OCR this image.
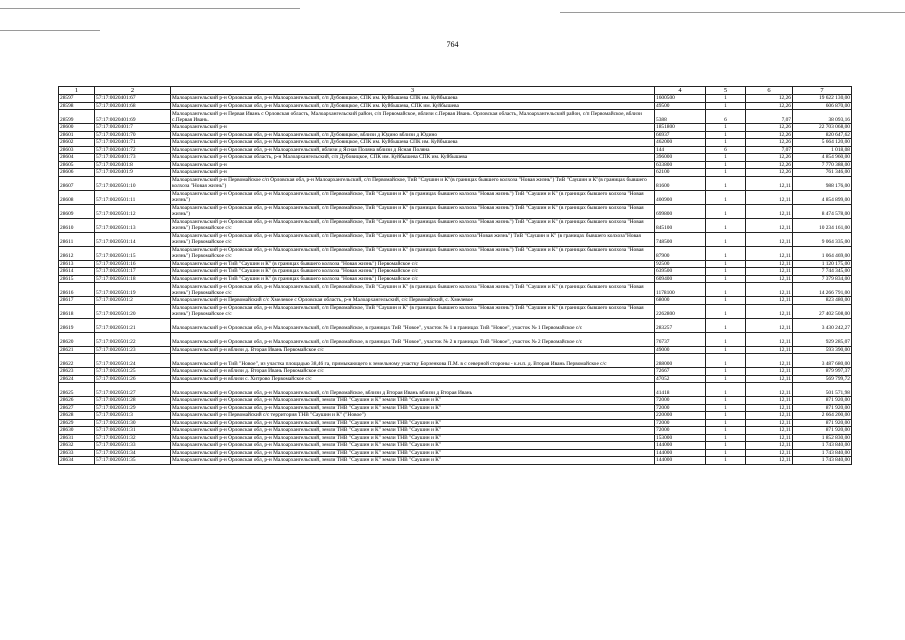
764
1	2	3	4	5	6	7
28597	57:17:0020401:67	Малоархангельский р-н Орловская обл, р-н Малоархангельский, с/п Дубовицкое, СПК им. Куйбышева СПК им. Куйбышева	1600500	1	12,26	19 622 130,00
28598	57:17:0020401:68	Малоархангельский р-н Орловская обл, р-н Малоархангельский, с/п Дубовицкое, СПК им. Куйбышева, СПК им. Куйбышева	49500	1	12,26	606 870,00
28599	57:17:0020401:69	Малоархангельский р-н Первая Ивань с Орловская область, Малоархангельский район, с/п Первомайское, вблизи с.Первая Ивань. Орловская область, Малоархангельский район, с/п Первомайское, вблизи с.Первая Ивань.	5388	6	7,07	38 093,16
28600	57:17:0020401:7	Малоархангельский р-н	1851800	1	12,26	22 703 068,00
28601	57:17:0020401:70	Малоархангельский р-н Орловская обл, р-н Малоархангельский, с/п Дубовицкое, вблизи д Юдино вблизи д Юдино	66937	1	12,26	820 647,62
28602	57:17:0020401:71	Малоархангельский р-н Орловская обл, р-н Малоархангельский, с/п Дубовицкое, СПК им. Куйбышева СПК им. Куйбышева	462000	1	12,26	5 664 120,00
28603	57:17:0020401:72	Малоархангельский р-н Орловская обл, р-н Малоархангельский, вблизи д Ясная Поляна вблизи д Ясная Поляна	144	6	7,07	1 018,08
28604	57:17:0020401:73	Малоархангельский р-н Орловская область, р-н Малоархангельский, с/п Дубовицкое, СПК им. Куйбышева СПК им. Куйбышева	396000	1	12,26	4 854 960,00
28605	57:17:0020401:8	Малоархангельский р-н	633800	1	12,26	7 770 388,00
28606	57:17:0020401:9	Малоархангельский р-н	62100	1	12,26	761 346,00
28607	57:17:0020501:10	Малоархангельский р-н Первомайское с/п Орловская обл, р-н Малоархангельский, с/п Первомайское, ТиВ "Саушин и К"(в границах бывшего колхоза "Новая жизнь") ТиВ "Саушин и К"(в границах бывшего колхоза "Новая жизнь")	81600	1	12,11	988 176,00
28608	57:17:0020501:11	Малоархангельский р-н Орловская обл, р-н Малоархангельский, с/п Первомайское, ТиВ "Саушин и К" (в границах бывшего колхоза "Новая жизнь") ТиВ "Саушин и К" (в границах бывшего колхоза "Новая жизнь")	400900	1	12,11	4 854 899,00
28609	57:17:0020501:12	Малоархангельский р-н Орловская обл, р-н Малоархангельский, с/п Первомайское, ТиВ "Саушин и К" (в границах бывшего колхоза "Новая жизнь") ТиВ "Саушин и К" (в границах бывшего колхоза "Новая жизнь")	699800	1	12,11	8 474 578,00
28610	57:17:0020501:13	Малоархангельский р-н Орловская обл, р-н Малоархангельский, с/п Первомайское, ТиВ "Саушин и К" (в границах бывшего колхоза "Новая жизнь") ТиВ "Саушин и К" (в границах бывшего колхоза "Новая жизнь") Первомайское с/с	845100	1	12,11	10 234 161,00
28611	57:17:0020501:14	Малоархангельский р-н Орловская обл, р-н Малоархангельский, с/п Первомайское, ТиВ "Саушин и К" (в границах бывшего колхоза"Новая жизнь") ТиВ "Саушин и К" (в границах бывшего колхоза"Новая жизнь") Первомайское с/с	748500	1	12,11	9 064 335,00
28612	57:17:0020501:15	Малоархангельский р-н Орловская обл, р-н Малоархангельский, с/п Первомайское, ТиВ "Саушин и К" (в границах бывшего колхоза "Новая жизнь") ТиВ "Саушин и К" (в границах бывшего колхоза "Новая жизнь") Первомайское с/с	87900	1	12,11	1 064 469,00
28613	57:17:0020501:16	Малоархангельский р-н ТиВ "Саушин и К" (в границах бывшего колхоза "Новая жизнь") Первомайское с/с	92500	1	12,11	1 120 175,00
28614	57:17:0020501:17	Малоархангельский р-н ТиВ "Саушин и К" (в границах бывшего колхоза "Новая жизнь") Первомайское с/с	639500	1	12,11	7 744 345,00
28615	57:17:0020501:18	Малоархангельский р-н ТиВ "Саушин и К" (в границах бывшего колхоза "Новая жизнь") Первомайское с/с	609400	1	12,11	7 379 834,00
28616	57:17:0020501:19	Малоархангельский р-н Орловская обл, р-н Малоархангельский, с/п Первомайское, ТиВ "Саушин и К" (в границах бывшего колхоза "Новая жизнь") ТиВ "Саушин и К" (в границах бывшего колхоза "Новая жизнь") Первомайское с/с	1178100	1	12,11	14 266 791,00
28617	57:17:0020501:2	Малоархангельский р-н Первомайский с/с Хмелевое с Орловская область, р-н Малоархангельский, с/с Первомайский, с. Хмелевое	68000	1	12,11	823 480,00
28618	57:17:0020501:20	Малоархангельский р-н Орловская обл, р-н Малоархангельский, с/п Первомайское, ТиВ "Саушин и К" (в границах бывшего колхоза "Новая жизнь") ТиВ "Саушин и К" (в границах бывшего колхоза "Новая жизнь") Первомайское с/с	2262800	1	12,11	27 402 508,00
28619	57:17:0020501:21	Малоархангельский р-н Орловская обл, р-н Малоархангельский, с/п Первомайское, в границах ТиВ "Новое", участок № 1 в границах ТиВ "Новое", участок № 1 Первомайское с/с	283257	1	12,11	3 430 242,27
28620	57:17:0020501:22	Малоархангельский р-н Орловская обл, р-н Малоархангельский, с/п Первомайское, в границах ТиВ "Новое", участок № 2 в границах ТиВ "Новое", участок № 2 Первомайское с/с	76737	1	12,11	929 285,07
28621	57:17:0020501:23	Малоархангельский р-н вблизи д. Вторая Ивань Первомайское с/с	49000	1	12,11	593 390,00
28622	57:17:0020501:24	Малоархангельский р-н ТиВ "Новое", из участка площадью 38,46 га, примыкающего к земельному участку Борзенкова П.М. в с северной стороны - к.н.п. д. Вторая Ивань Первомайское с/с	288000	1	12,11	3 487 680,00
28623	57:17:0020501:25	Малоархангельский р-н вблизи д. Вторая Ивань Первомайское с/с	72667	1	12,11	879 997,37
28624	57:17:0020501:26	Малоархангельский р-н вблизи с. Хитрово Первомайское с/с	47052	1	12,11	569 799,72
28625	57:17:0020501:27	Малоархангельский р-н Орловская обл, р-н Малоархангельский, с/п Первомайское, вблизи д Вторая Ивань вблизи д Вторая Ивань	41418	1	12,11	501 571,98
28626	57:17:0020501:28	Малоархангельский р-н Орловская обл, р-н Малоархангельский, земли ТНВ "Саушин и К" земли ТНВ "Саушин и К"	72000	1	12,11	871 920,00
28627	57:17:0020501:29	Малоархангельский р-н Орловская обл, р-н Малоархангельский, земли ТНВ "Саушин и К" земли ТНВ "Саушин и К"	72000	1	12,11	871 920,00
28628	57:17:0020501:3	Малоархангельский р-н Первомайский с/с территория ТНВ "Саушин и К" ("Новое")	220000	1	12,11	2 664 200,00
28629	57:17:0020501:30	Малоархангельский р-н Орловская обл, р-н Малоархангельский, земли ТНВ "Саушин и К" земли ТНВ "Саушин и К"	72000	1	12,11	871 920,00
28630	57:17:0020501:31	Малоархангельский р-н Орловская обл, р-н Малоархангельский, земли ТНВ "Саушин и К" земли ТНВ "Саушин и К"	72000	1	12,11	871 920,00
28631	57:17:0020501:32	Малоархангельский р-н Орловская обл, р-н Малоархангельский, земли ТНВ "Саушин и К" земли ТНВ "Саушин и К"	153000	1	12,11	1 852 830,00
28632	57:17:0020501:33	Малоархангельский р-н Орловская обл, р-н Малоархангельский, земли ТНВ "Саушин и К" земли ТНВ "Саушин и К"	144000	1	12,11	1 743 840,00
28633	57:17:0020501:34	Малоархангельский р-н Орловская обл, р-н Малоархангельский, земли ТНВ "Саушин и К" земли ТНВ "Саушин и К"	144000	1	12,11	1 743 840,00
28634	57:17:0020501:35	Малоархангельский р-н Орловская обл, р-н Малоархангельский, земли ТНВ "Саушин и К" земли ТНВ "Саушин и К"	144000	1	12,11	1 743 840,00
